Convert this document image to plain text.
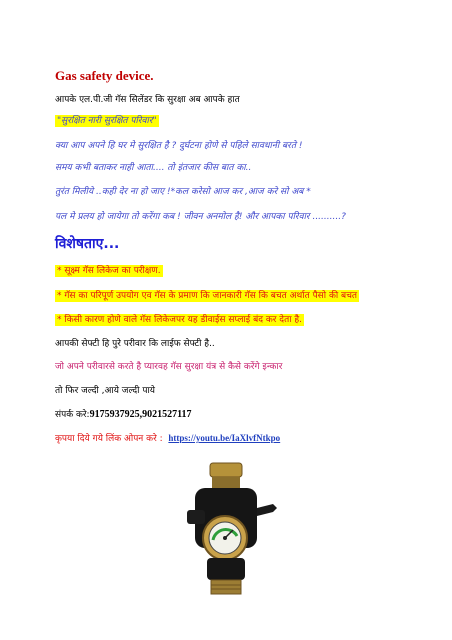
Gas safety device.
आपके एल.पी.जी गॅस सिलेंडर कि सुरक्षा अब आपके हात
"सुरक्षित नारी सुरक्षित परिवार"
क्या आप अपने हि घर मे सुरक्षित है ? दुर्घटना होणे से पहिले सावधानी बरते !
समय कभी बताकर नाही आता.... तो इंतजार कीस बात का..
तुरंत मिलीये ..कही देर ना हो जाए !*कल करेसो आज कर ,आज करे सो अब *
पल मे प्रलय हो जायेगा तो करेंगा कब ! जीवन अनमोल है! और आपका परिवार ..........?
विशेषताए...
* सूक्ष्म गॅस लिकेज का परीक्षण.
* गॅस का परिपूर्ण उपयोग एव गॅस के प्रमाण कि जानकारी गॅस कि बचत अर्थात पैसो की बचत
* किसी कारण होणे वाले गॅस लिकेजपर यह डीवाईस सप्लाई बंद कर देता है.
आपकी सेफ्टी हि पुरे परीवार कि लाईफ सेफ्टी है..
जो अपने परीवारसे करते है प्यारवह गॅस सुरक्षा यंत्र से कैसे करेंगे इन्कार
तो फिर जल्दी ,आये जल्दी पाये
संपर्क करे:9175937925,9021527117
कृपया दिये गये लिंक ओपन करे : https://youtu.be/IaXlvfNtkpo
